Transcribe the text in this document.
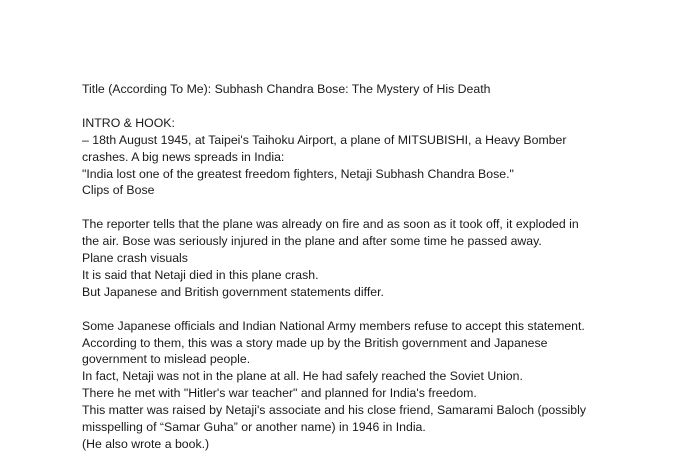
Title (According To Me): Subhash Chandra Bose: The Mystery of His Death
INTRO & HOOK:
– 18th August 1945, at Taipei's Taihoku Airport, a plane of MITSUBISHI, a Heavy Bomber
crashes. A big news spreads in India:
"India lost one of the greatest freedom fighters, Netaji Subhash Chandra Bose."
Clips of Bose
The reporter tells that the plane was already on fire and as soon as it took off, it exploded in
the air. Bose was seriously injured in the plane and after some time he passed away.
Plane crash visuals
It is said that Netaji died in this plane crash.
But Japanese and British government statements differ.
Some Japanese officials and Indian National Army members refuse to accept this statement.
According to them, this was a story made up by the British government and Japanese
government to mislead people.
In fact, Netaji was not in the plane at all. He had safely reached the Soviet Union.
There he met with "Hitler's war teacher" and planned for India's freedom.
This matter was raised by Netaji's associate and his close friend, Samarami Baloch (possibly
misspelling of “Samar Guha” or another name) in 1946 in India.
(He also wrote a book.)
